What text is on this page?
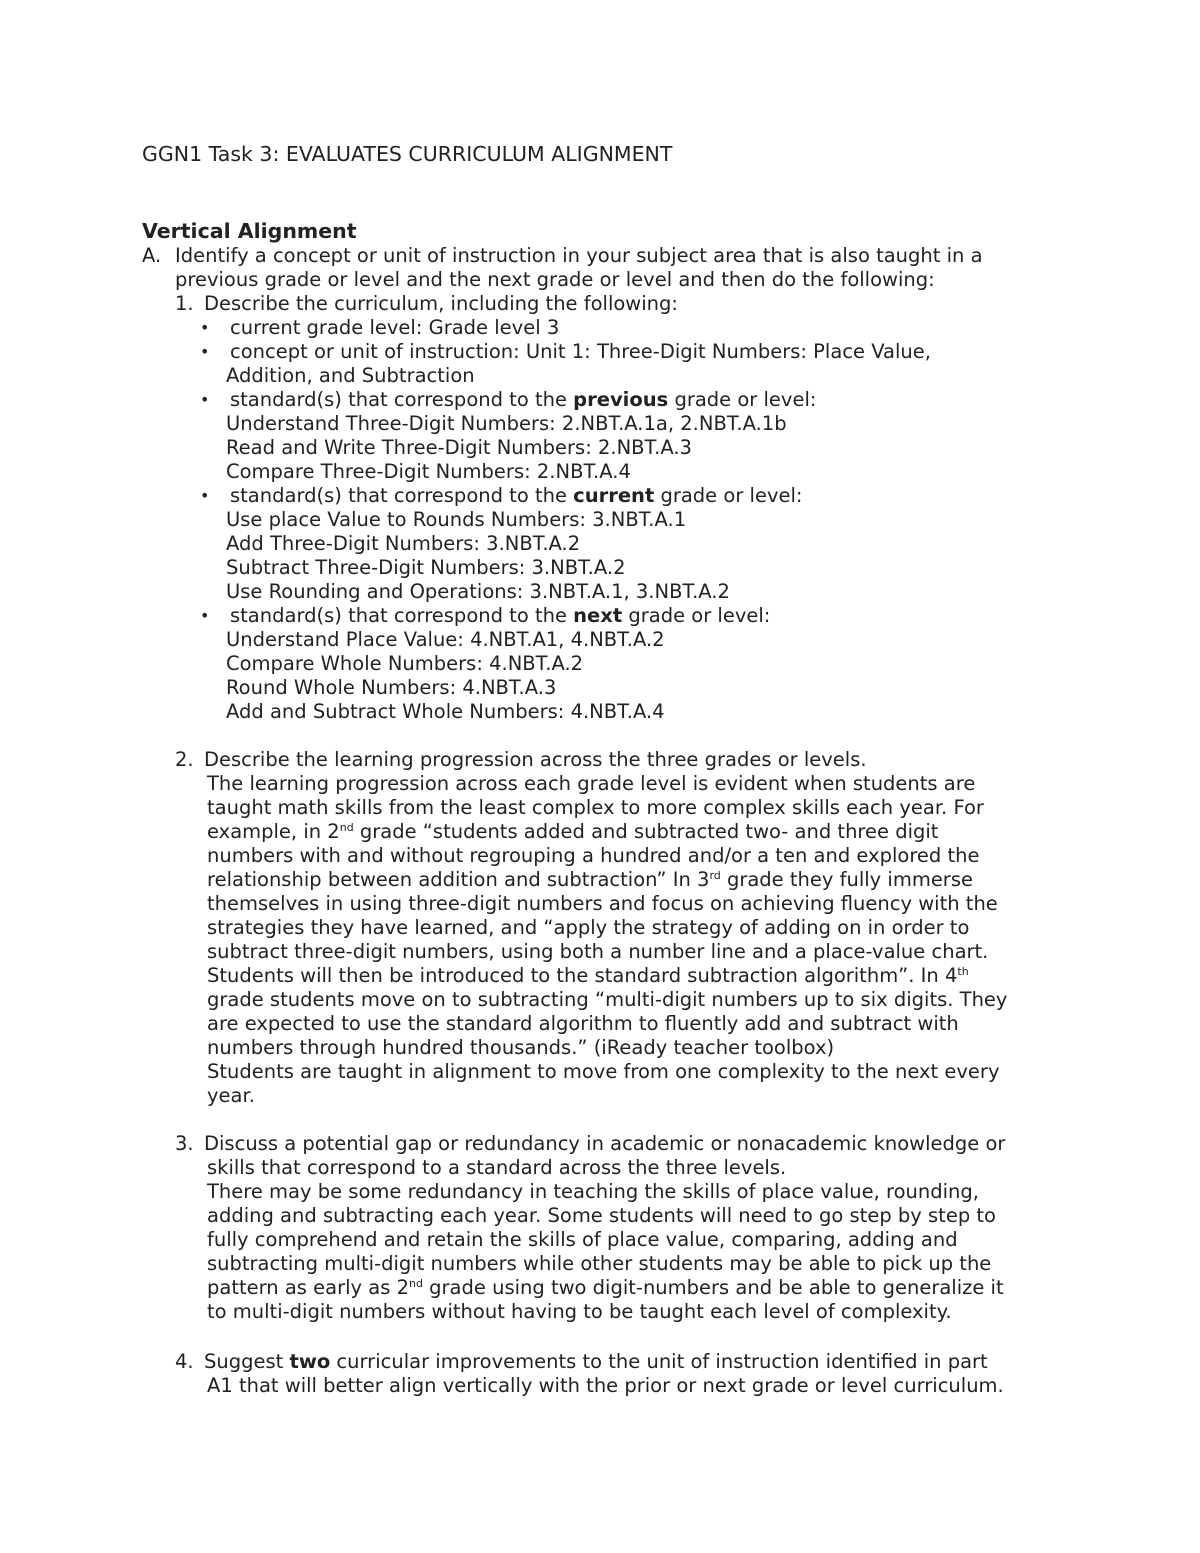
GGN1 Task 3: EVALUATES CURRICULUM ALIGNMENT
Vertical Alignment
A. Identify a concept or unit of instruction in your subject area that is also taught in a
previous grade or level and the next grade or level and then do the following:
1. Describe the curriculum, including the following:
• current grade level: Grade level 3
• concept or unit of instruction: Unit 1: Three-Digit Numbers: Place Value,
Addition, and Subtraction
• standard(s) that correspond to the previous grade or level:
Understand Three-Digit Numbers: 2.NBT.A.1a, 2.NBT.A.1b
Read and Write Three-Digit Numbers: 2.NBT.A.3
Compare Three-Digit Numbers: 2.NBT.A.4
• standard(s) that correspond to the current grade or level:
Use place Value to Rounds Numbers: 3.NBT.A.1
Add Three-Digit Numbers: 3.NBT.A.2
Subtract Three-Digit Numbers: 3.NBT.A.2
Use Rounding and Operations: 3.NBT.A.1, 3.NBT.A.2
• standard(s) that correspond to the next grade or level:
Understand Place Value: 4.NBT.A1, 4.NBT.A.2
Compare Whole Numbers: 4.NBT.A.2
Round Whole Numbers: 4.NBT.A.3
Add and Subtract Whole Numbers: 4.NBT.A.4
2. Describe the learning progression across the three grades or levels.
The learning progression across each grade level is evident when students are
taught math skills from the least complex to more complex skills each year. For
example, in 2nd grade “students added and subtracted two- and three digit
numbers with and without regrouping a hundred and/or a ten and explored the
relationship between addition and subtraction” In 3rd grade they fully immerse
themselves in using three-digit numbers and focus on achieving fluency with the
strategies they have learned, and “apply the strategy of adding on in order to
subtract three-digit numbers, using both a number line and a place-value chart.
Students will then be introduced to the standard subtraction algorithm”. In 4th
grade students move on to subtracting “multi-digit numbers up to six digits. They
are expected to use the standard algorithm to fluently add and subtract with
numbers through hundred thousands.” (iReady teacher toolbox)
Students are taught in alignment to move from one complexity to the next every
year.
3. Discuss a potential gap or redundancy in academic or nonacademic knowledge or
skills that correspond to a standard across the three levels.
There may be some redundancy in teaching the skills of place value, rounding,
adding and subtracting each year. Some students will need to go step by step to
fully comprehend and retain the skills of place value, comparing, adding and
subtracting multi-digit numbers while other students may be able to pick up the
pattern as early as 2nd grade using two digit-numbers and be able to generalize it
to multi-digit numbers without having to be taught each level of complexity.
4. Suggest two curricular improvements to the unit of instruction identified in part
A1 that will better align vertically with the prior or next grade or level curriculum.
